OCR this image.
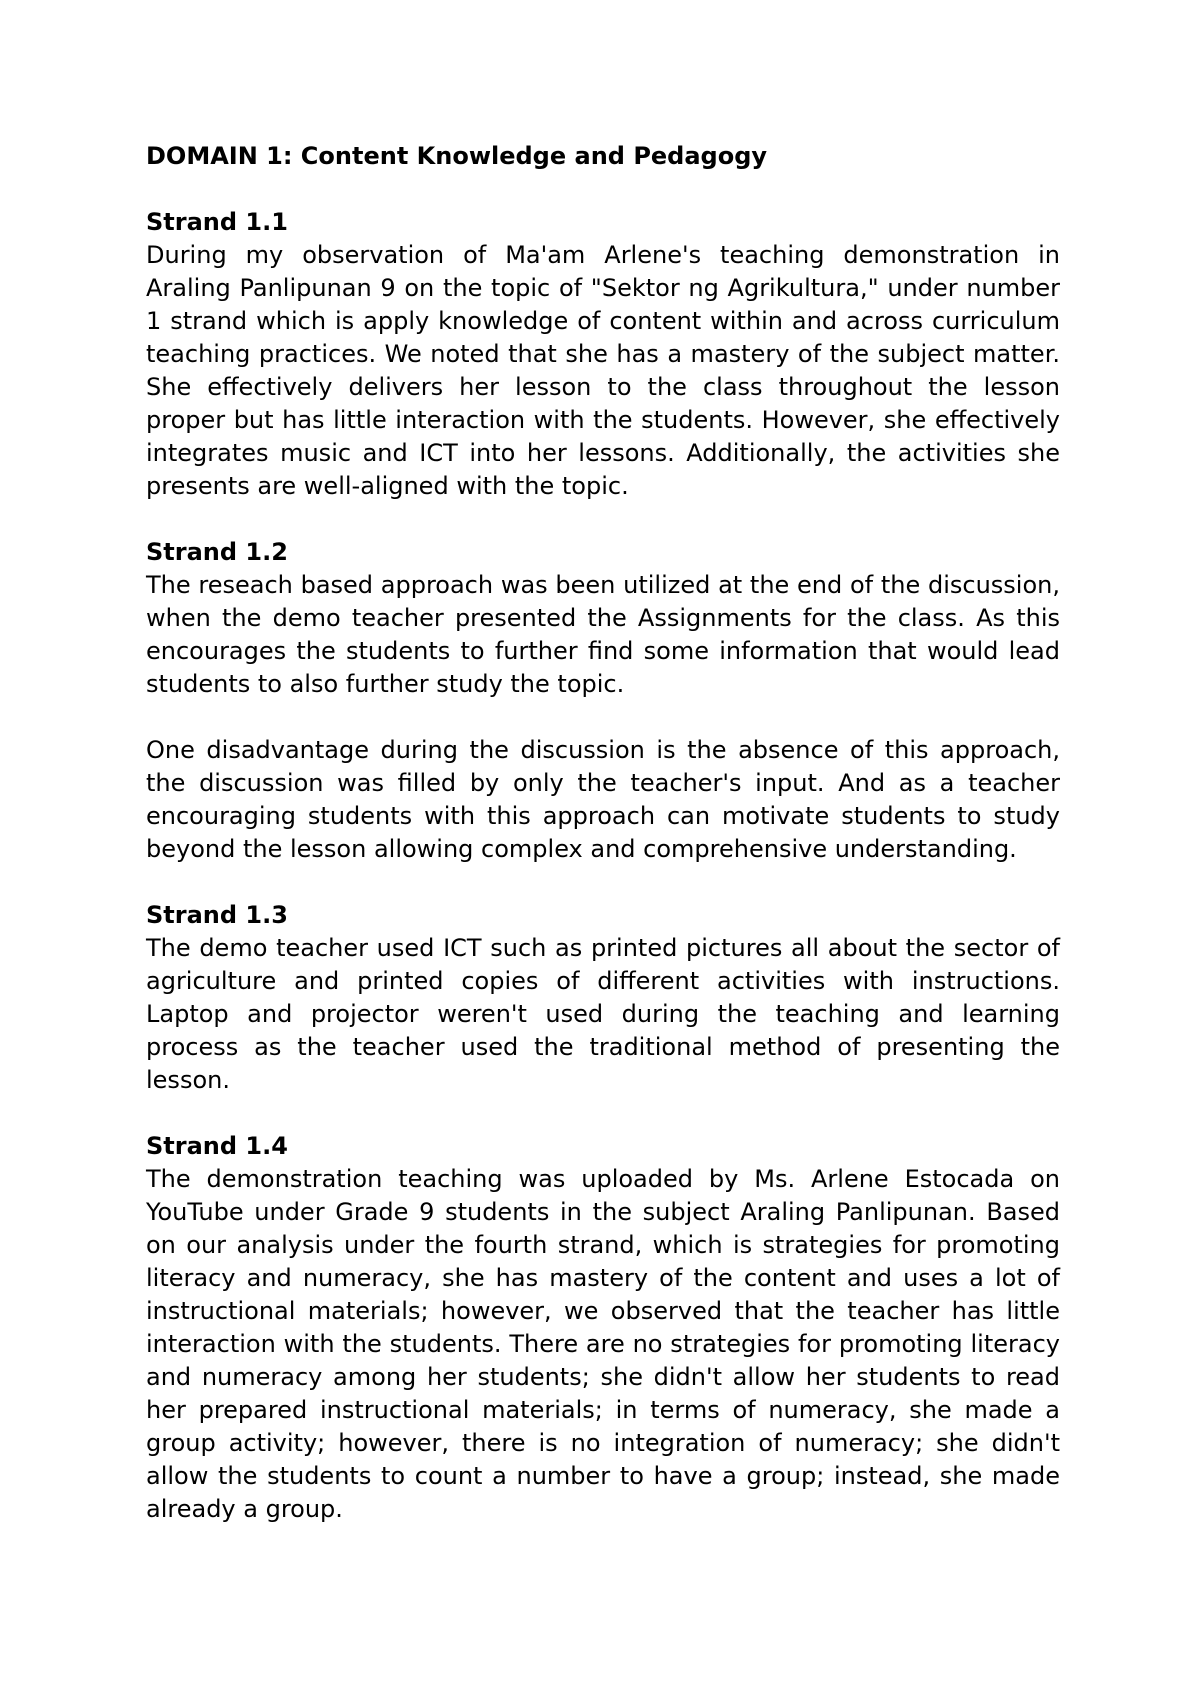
DOMAIN 1: Content Knowledge and Pedagogy
Strand 1.1

During my observation of Ma'am Arlene's teaching demonstration in Araling Panlipunan 9 on the topic of "Sektor ng Agrikultura," under number 1 strand which is apply knowledge of content within and across curriculum teaching practices. We noted that she has a mastery of the subject matter. She effectively delivers her lesson to the class throughout the lesson proper but has little interaction with the students. However, she effectively integrates music and ICT into her lessons. Additionally, the activities she presents are well-aligned with the topic.

Strand 1.2

The reseach based approach was been utilized at the end of the discussion, when the demo teacher presented the Assignments for the class. As this encourages the students to further find some information that would lead students to also further study the topic.

One disadvantage during the discussion is the absence of this approach, the discussion was filled by only the teacher's input. And as a teacher encouraging students with this approach can motivate students to study beyond the lesson allowing complex and comprehensive understanding.

Strand 1.3

The demo teacher used ICT such as printed pictures all about the sector of agriculture and printed copies of different activities with instructions. Laptop and projector weren't used during the teaching and learning process as the teacher used the traditional method of presenting the lesson.

Strand 1.4

The demonstration teaching was uploaded by Ms. Arlene Estocada on YouTube under Grade 9 students in the subject Araling Panlipunan. Based on our analysis under the fourth strand, which is strategies for promoting literacy and numeracy, she has mastery of the content and uses a lot of instructional materials; however, we observed that the teacher has little interaction with the students. There are no strategies for promoting literacy and numeracy among her students; she didn't allow her students to read her prepared instructional materials; in terms of numeracy, she made a group activity; however, there is no integration of numeracy; she didn't allow the students to count a number to have a group; instead, she made already a group.
